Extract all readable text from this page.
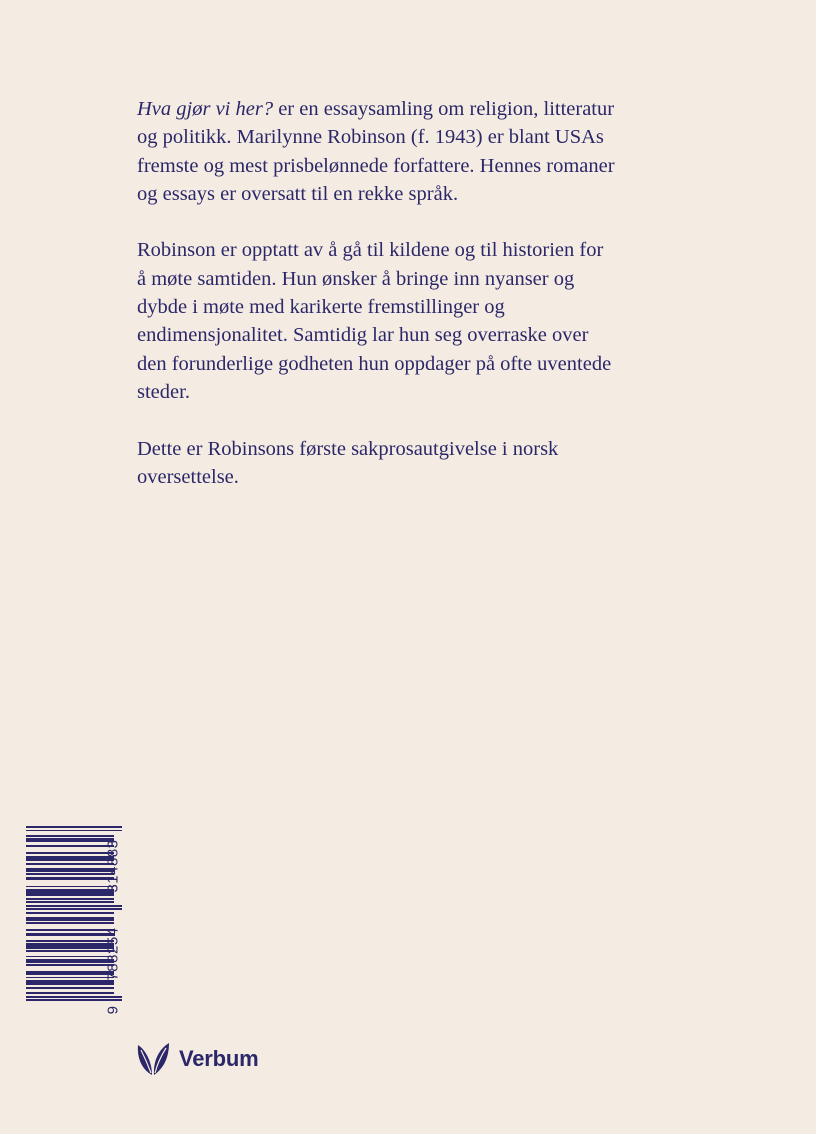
Hva gjør vi her? er en essaysamling om religion, litteratur og politikk. Marilynne Robinson (f. 1943) er blant USAs fremste og mest prisbelønnede forfattere. Hennes romaner og essays er oversatt til en rekke språk.

Robinson er opptatt av å gå til kildene og til historien for å møte samtiden. Hun ønsker å bringe inn nyanser og dybde i møte med karikerte fremstillinger og endimensjonalitet. Samtidig lar hun seg overraske over den forunderlige godheten hun oppdager på ofte uventede steder.

Dette er Robinsons første sakprosautgivelse i norsk oversettelse.

9
788254
314883
Verbum
